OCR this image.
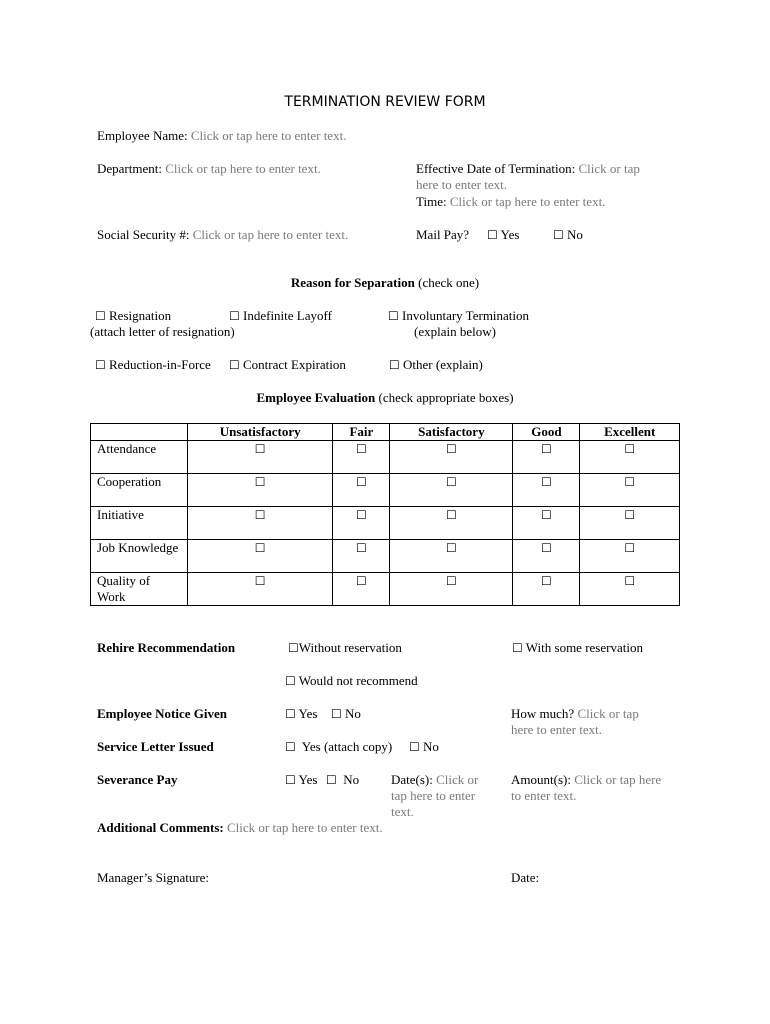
TERMINATION REVIEW FORM
Employee Name: Click or tap here to enter text.
Department: Click or tap here to enter text.	Effective Date of Termination: Click or tap
here to enter text.
Time: Click or tap here to enter text.
Social Security #: Click or tap here to enter text.	Mail Pay? ☐ Yes	☐ No
Reason for Separation (check one)
☐ Resignation
(attach letter of resignation)
☐ Indefinite Layoff	☐ Involuntary Termination
(explain below)
☐ Reduction-in-Force ☐ Contract Expiration	☐ Other (explain)
Employee Evaluation (check appropriate boxes)
	Unsatisfactory	Fair	Satisfactory	Good	Excellent
Attendance	☐	☐	☐	☐	☐
Cooperation	☐	☐	☐	☐	☐
Initiative	☐	☐	☐	☐	☐
Job Knowledge	☐	☐	☐	☐	☐
Quality of Work	☐	☐	☐	☐	☐
Rehire Recommendation	☐Without reservation	☐ With some reservation
☐ Would not recommend
Employee Notice Given	☐ Yes ☐ No	How much? Click or tap
here to enter text.
Service Letter Issued	☐ Yes (attach copy) ☐ No
Severance Pay	☐ Yes ☐ No Date(s): Click or
tap here to enter
text.
Amount(s): Click or tap here
to enter text.
Additional Comments: Click or tap here to enter text.
Manager’s Signature:	Date:
